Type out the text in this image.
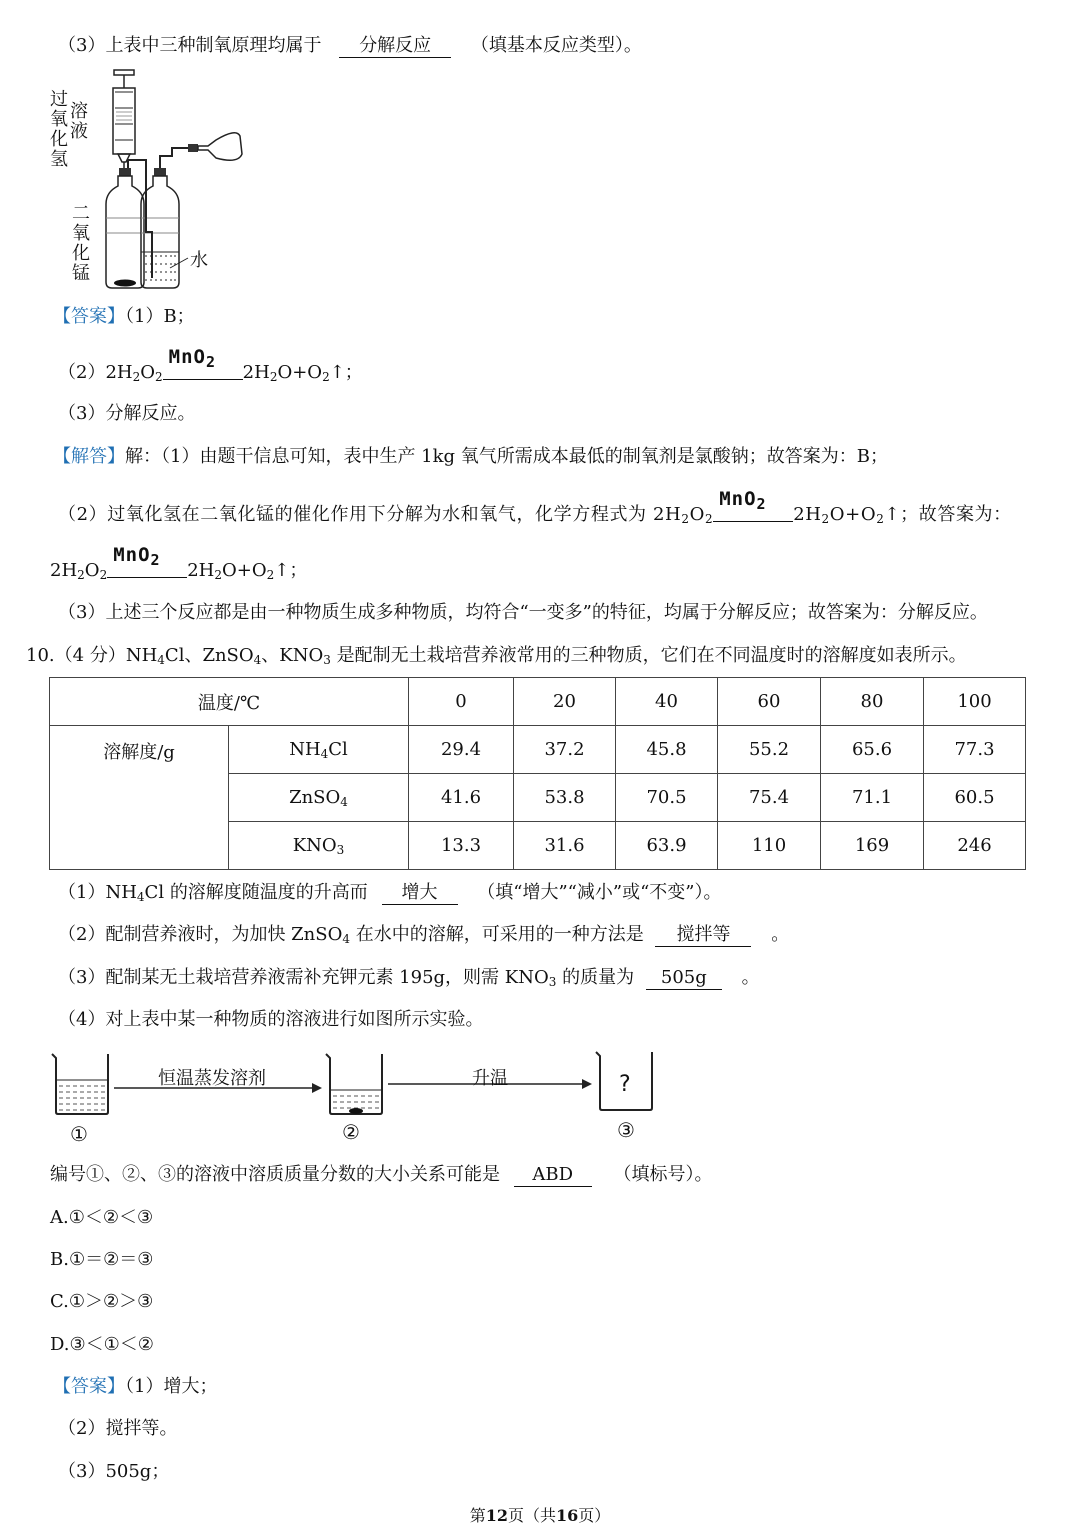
（3）上表中三种制氧原理均属于 分解反应 （填基本反应类型）。
过氧化氢
溶液
二氧化锰
水
【答案】（1）B；
$(2)2H_2O_2$
MnO$_2$ $2H_2O+O_2↑$；
（3）分解反应。
【解答】解：（1）由题干信息可知，表中生产 1kg 氧气所需成本最低的制氧剂是氯酸钠；故答案为：B；
（2）过氧化氢在二氧化锰的催化作用下分解为水和氧气，化学方程式为 $2H_2O_2$
MnO$_2$ $2H_2O+O_2↑$；故答案为：
$2H_2O_2$
MnO$_2$ $2H_2O+O_2↑$；
（3）上述三个反应都是由一种物质生成多种物质，均符合“一变多”的特征，均属于分解反应；故答案为：分解反应。
10.（4 分）$NH_4Cl$、ZnSO$_4$、$KNO_3$ 是配制无土栽培营养液常用的三种物质，它们在不同温度时的溶解度如表所示。
温度/℃		0	20	40	60	80	100
溶解度/g	$NH_4Cl$	29.4	37.2	45.8	55.2	65.6	77.3
	ZnSO$_4$	41.6	53.8	70.5	75.4	71.1	60.5
	$KNO_3$	13.3	31.6	63.9	110	169	246
$(1)NH_4Cl$ 的溶解度随温度的升高而 增大 （填“增大”“减小”或“不变”）。
（2）配制营养液时，为加快 ZnSO$_4$ 在水中的溶解，可采用的一种方法是 搅拌等 。
（3）配制某无土栽培营养液需补充钾元素 195g，则需 $KNO_3$ 的质量为 505g 。
（4）对上表中某一种物质的溶液进行如图所示实验。
恒温蒸发溶剂	升温	?
①	②	③
编号①、②、③的溶液中溶质质量分数的大小关系可能是 ABD （填标号）。
A.①＜②＜③
B.①＝②＝③
C.①＞②＞③
D.③＜①＜②
【答案】（1）增大；
（2）搅拌等。
（3）505g；
第12页（共16页）
